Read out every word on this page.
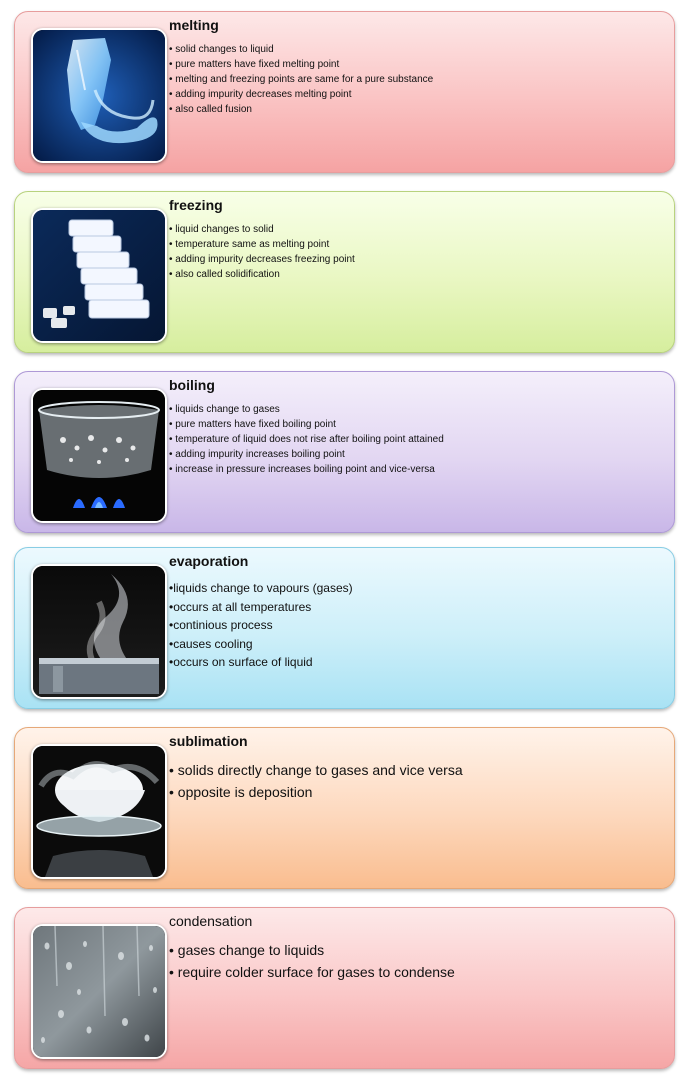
melting
• solid changes to liquid
• pure matters have fixed melting point
• melting and freezing points are same for a pure substance
• adding impurity decreases melting point
• also called fusion
freezing
• liquid changes to solid
• temperature same as melting point
• adding impurity decreases freezing point
• also called solidification
boiling
• liquids change to gases
• pure matters have fixed boiling point
• temperature of liquid does not rise after boiling point attained
• adding impurity increases boiling point
• increase in pressure increases boiling point and vice-versa
evaporation
•liquids change to vapours (gases)
•occurs at all temperatures
•continious process
•causes cooling
•occurs on surface of liquid
sublimation
• solids directly change to gases and vice versa
• opposite is deposition
condensation
• gases change to liquids
• require colder surface for gases to condense
